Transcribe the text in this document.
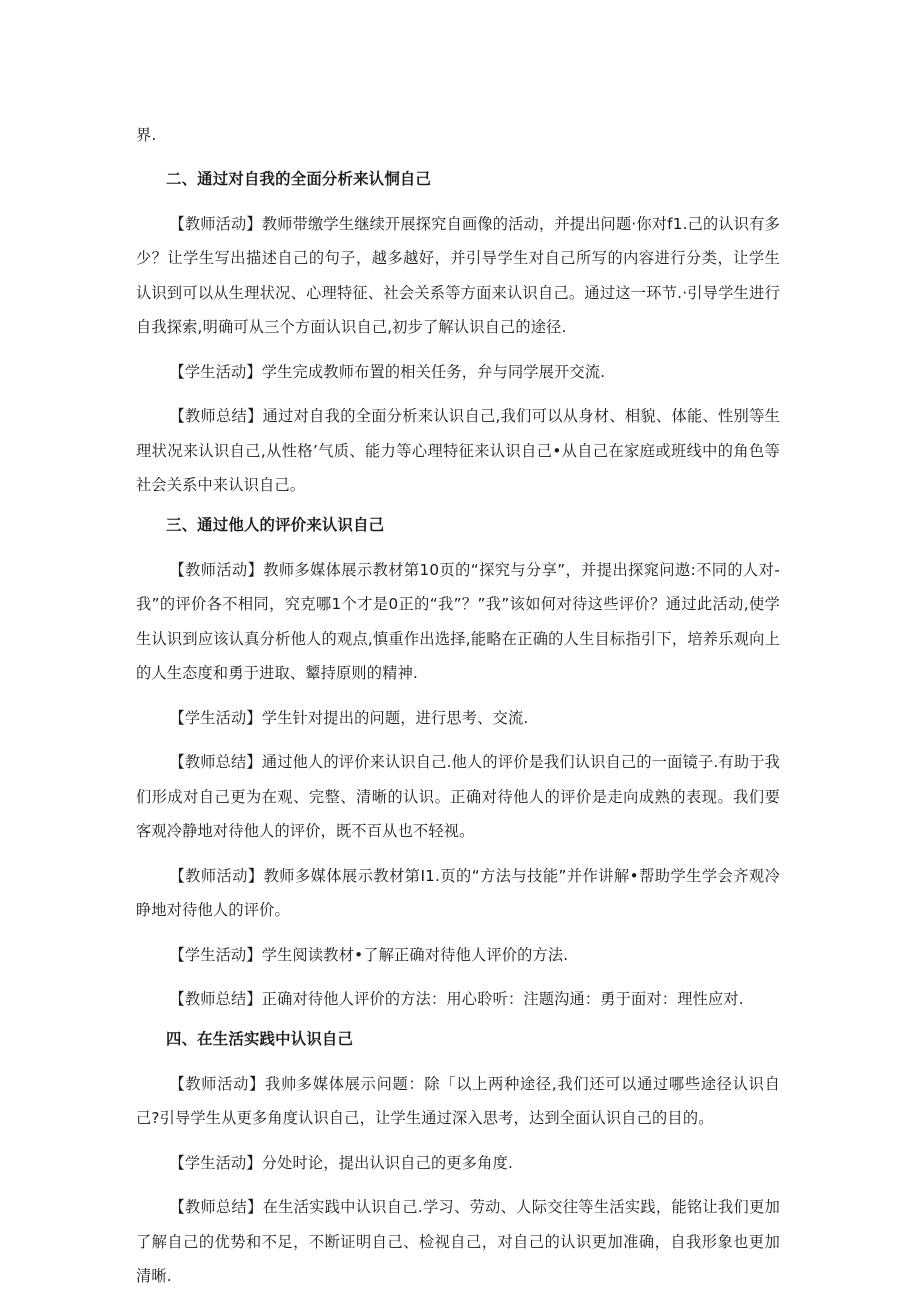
界.

二、通过对自我的全面分析来认恫自己

【教师活动】教师带缴学生继续开展探究自画像的活动，并提出问题·你对f1.己的认识有多少？让学生写出描述自己的句子，越多越好，并引导学生对自己所写的内容进行分类，让学生认识到可以从生理状况、心理特征、社会关系等方面来认识自己。通过这一环节.·引导学生进行自我探索,明确可从三个方面认识自己,初步了解认识自己的途径.

【学生活动】学生完成教师布置的相关任务，弁与同学展开交流.

【教师总结】通过对自我的全面分析来认识自己,我们可以从身材、相貌、体能、性别等生理状况来认识自己,从性格’气质、能力等心理特征来认识自己•从自己在家庭或班线中的角色等社会关系中来认识自己。

三、通过他人的评价来认识自己

【教师活动】教师多媒体展示教材第10页的“探究与分享”，并提出探窕问遨:不同的人对-我”的评价各不相同，究克哪1个才是0正的“我”？”我”该如何对待这些评价？通过此活动,使学生认识到应该认真分析他人的观点,慎重作出选择,能略在正确的人生目标指引下，培养乐观向上的人生态度和勇于进取、颦持原则的精神.

【学生活动】学生针对提出的问题，进行思考、交流.

【教师总结】通过他人的评价来认识自己.他人的评价是我们认识自己的一面镜子.有助于我们形成对自己更为在观、完整、清晰的认识。正确对待他人的评价是走向成熟的表现。我们要客观冷静地对待他人的评价，既不百从也不轻视。

【教师活动】教师多媒体展示教材第I1.页的“方法与技能”并作讲解•帮助学生学会齐观冷睁地对待他人的评价。

【学生活动】学生阅读教材•了解正确对待他人评价的方法.

【教师总结】正确对待他人评价的方法：用心聆听：注题沟通：勇于面对：理性应对.

四、在生活实践中认识自己

【教师活动】我帅多媒体展示问题：除「以上两种途径,我们还可以通过哪些途径认识自己?引导学生从更多角度认识自己，让学生通过深入思考，达到全面认识自己的目的。

【学生活动】分处时论，提出认识自己的更多角度.

【教师总结】在生活实践中认识自己.学习、劳动、人际交往等生活实践，能铭让我们更加了解自己的优势和不足，不断证明自己、检视自己，对自己的认识更加准确，自我形象也更加清晰.
